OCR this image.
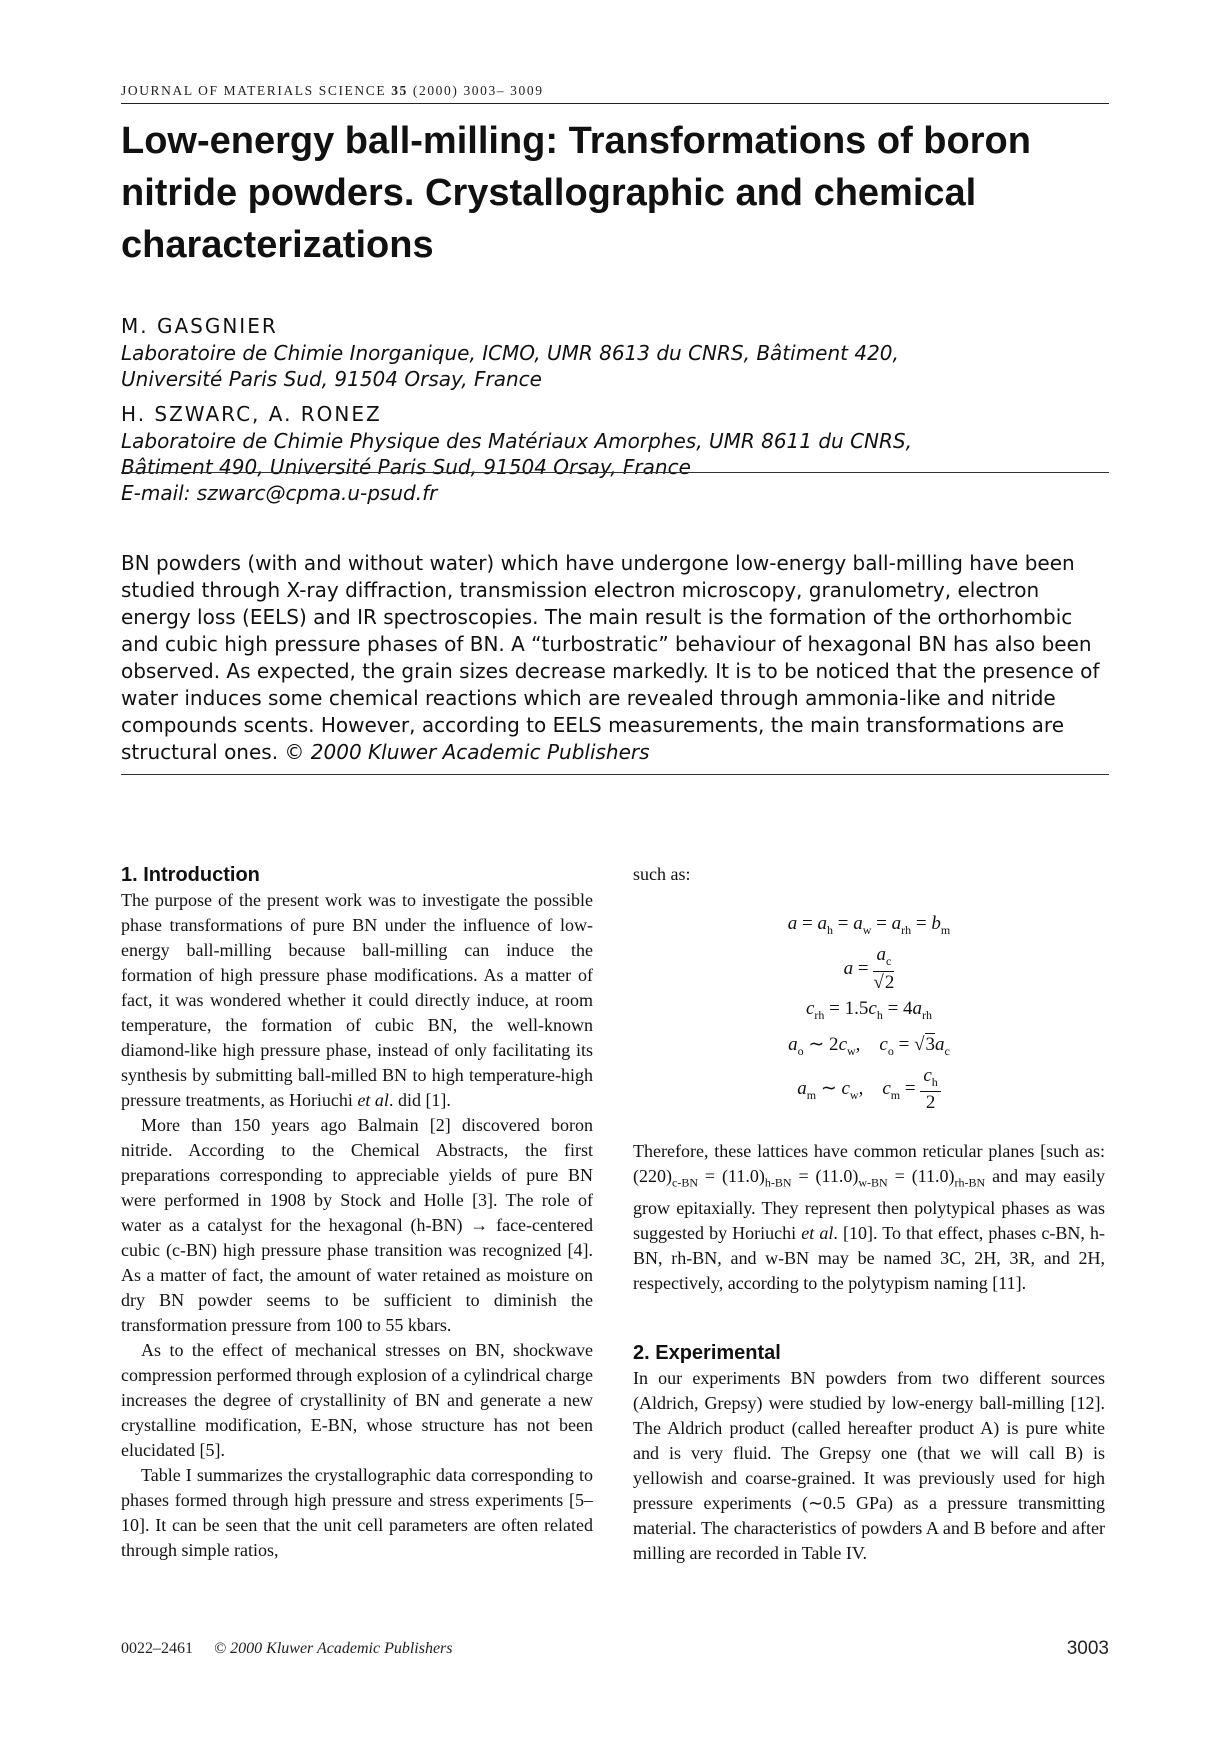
JOURNAL OF MATERIALS SCIENCE 35 (2000) 3003– 3009
Low-energy ball-milling: Transformations of boron nitride powders. Crystallographic and chemical characterizations
M. GASGNIER
Laboratoire de Chimie Inorganique, ICMO, UMR 8613 du CNRS, Bâtiment 420,
Université Paris Sud, 91504 Orsay, France
H. SZWARC, A. RONEZ
Laboratoire de Chimie Physique des Matériaux Amorphes, UMR 8611 du CNRS,
Bâtiment 490, Université Paris Sud, 91504 Orsay, France
E-mail: szwarc@cpma.u-psud.fr
BN powders (with and without water) which have undergone low-energy ball-milling have been studied through X-ray diffraction, transmission electron microscopy, granulometry, electron energy loss (EELS) and IR spectroscopies. The main result is the formation of the orthorhombic and cubic high pressure phases of BN. A “turbostratic” behaviour of hexagonal BN has also been observed. As expected, the grain sizes decrease markedly. It is to be noticed that the presence of water induces some chemical reactions which are revealed through ammonia-like and nitride compounds scents. However, according to EELS measurements, the main transformations are structural ones. © 2000 Kluwer Academic Publishers
1. Introduction

The purpose of the present work was to investigate the possible phase transformations of pure BN under the influence of low-energy ball-milling because ball-milling can induce the formation of high pressure phase modifications. As a matter of fact, it was wondered whether it could directly induce, at room temperature, the formation of cubic BN, the well-known diamond-like high pressure phase, instead of only facilitating its synthesis by submitting ball-milled BN to high temperature-high pressure treatments, as Horiuchi et al. did [1].

More than 150 years ago Balmain [2] discovered boron nitride. According to the Chemical Abstracts, the first preparations corresponding to appreciable yields of pure BN were performed in 1908 by Stock and Holle [3]. The role of water as a catalyst for the hexagonal (h-BN) → face-centered cubic (c-BN) high pressure phase transition was recognized [4]. As a matter of fact, the amount of water retained as moisture on dry BN powder seems to be sufficient to diminish the transformation pressure from 100 to 55 kbars.

As to the effect of mechanical stresses on BN, shockwave compression performed through explosion of a cylindrical charge increases the degree of crystallinity of BN and generate a new crystalline modification, E-BN, whose structure has not been elucidated [5].

Table I summarizes the crystallographic data corresponding to phases formed through high pressure and stress experiments [5–10]. It can be seen that the unit cell parameters are often related through simple ratios,

such as:

$a = a_h = a_w = a_{rh} = b_m$
$a = \frac{a_c}{√2}$
$c_{rh} = 1.5c_h = 4a_{rh}$
$a_o$ ∼ $2c_w$,    $c_o = √3a_c$
$a_m$ ∼ $c_w$,    $c_m = \frac{c_h}{2}$

Therefore, these lattices have common reticular planes [such as: $(220)_{c-BN} = (11.0)_{h-BN} = (11.0)_{w-BN} = (11.0)_{rh-BN}$ and may easily grow epitaxially. They represent then polytypical phases as was suggested by Horiuchi et al. [10]. To that effect, phases c-BN, h-BN, rh-BN, and w-BN may be named 3C, 2H, 3R, and 2H, respectively, according to the polytypism naming [11].

2. Experimental

In our experiments BN powders from two different sources (Aldrich, Grepsy) were studied by low-energy ball-milling [12]. The Aldrich product (called hereafter product A) is pure white and is very fluid. The Grepsy one (that we will call B) is yellowish and coarse-grained. It was previously used for high pressure experiments (∼0.5 GPa) as a pressure transmitting material. The characteristics of powders A and B before and after milling are recorded in Table IV.

0022–2461 © 2000 Kluwer Academic Publishers	3003
